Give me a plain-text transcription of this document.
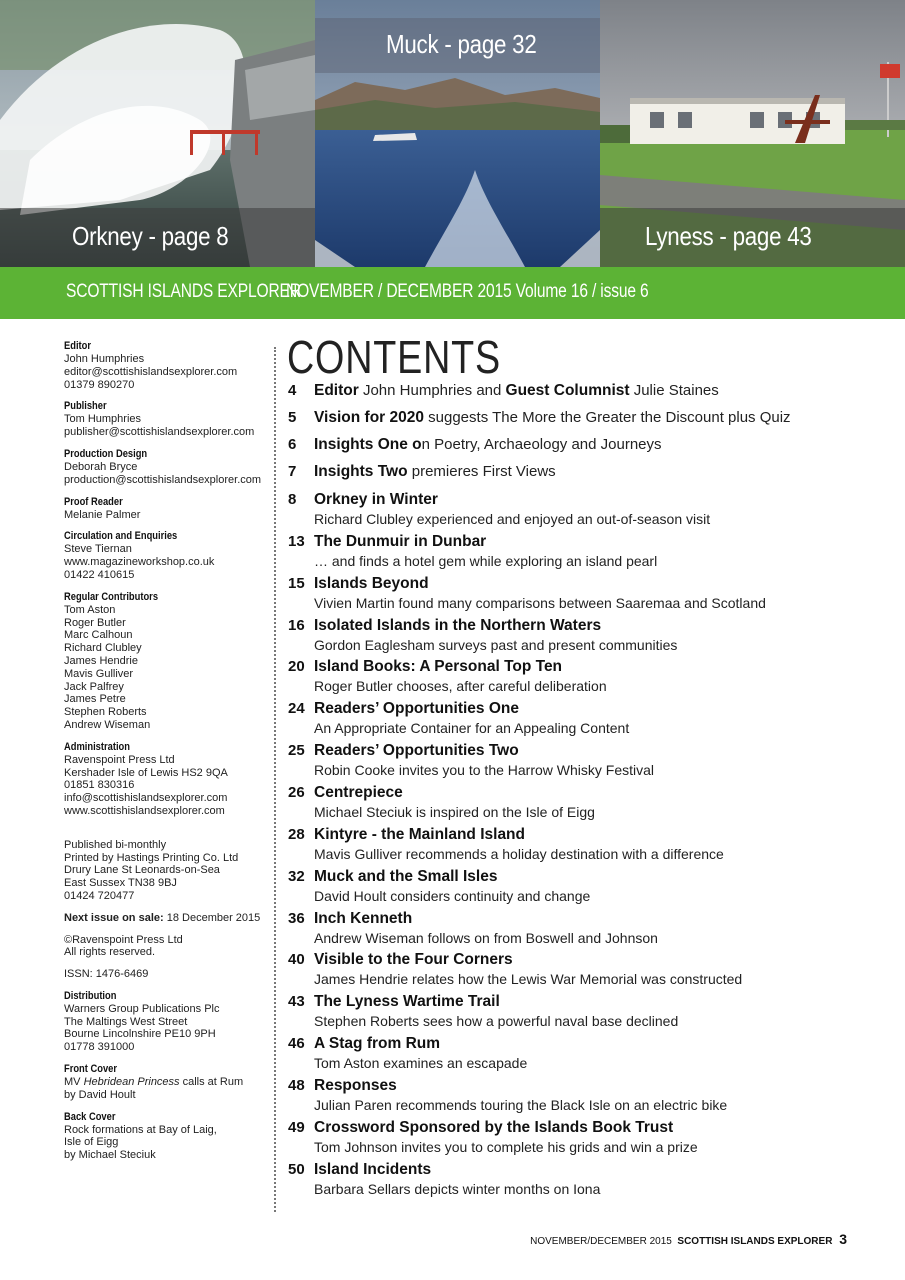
Orkney - page 8
Muck - page 32
Lyness - page 43
SCOTTISH ISLANDS EXPLORER
NOVEMBER / DECEMBER 2015 Volume 16 / issue 6
Editor
John Humphries
editor@scottishislandsexplorer.com
01379 890270
Publisher
Tom Humphries
publisher@scottishislandsexplorer.com
Production Design
Deborah Bryce
production@scottishislandsexplorer.com
Proof Reader
Melanie Palmer
Circulation and Enquiries
Steve Tiernan
www.magazineworkshop.co.uk
01422 410615
Regular Contributors
Tom Aston
Roger Butler
Marc Calhoun
Richard Clubley
James Hendrie
Mavis Gulliver
Jack Palfrey
James Petre
Stephen Roberts
Andrew Wiseman
Administration
Ravenspoint Press Ltd
Kershader Isle of Lewis HS2 9QA
01851 830316
info@scottishislandsexplorer.com
www.scottishislandsexplorer.com
Published bi-monthly
Printed by Hastings Printing Co. Ltd
Drury Lane St Leonards-on-Sea
East Sussex TN38 9BJ
01424 720477
Next issue on sale: 18 December 2015
©Ravenspoint Press Ltd
All rights reserved.
ISSN: 1476-6469
Distribution
Warners Group Publications Plc
The Maltings West Street
Bourne Lincolnshire PE10 9PH
01778 391000
Front Cover
MV Hebridean Princess calls at Rum
by David Hoult
Back Cover
Rock formations at Bay of Laig,
Isle of Eigg
by Michael Steciuk
CONTENTS
4 Editor John Humphries and Guest Columnist Julie Staines
5 Vision for 2020 suggests The More the Greater the Discount plus Quiz
6 Insights One on Poetry, Archaeology and Journeys
7 Insights Two premieres First Views
8 Orkney in Winter
Richard Clubley experienced and enjoyed an out-of-season visit
13 The Dunmuir in Dunbar
… and finds a hotel gem while exploring an island pearl
15 Islands Beyond
Vivien Martin found many comparisons between Saaremaa and Scotland
16 Isolated Islands in the Northern Waters
Gordon Eaglesham surveys past and present communities
20 Island Books: A Personal Top Ten
Roger Butler chooses, after careful deliberation
24 Readers’ Opportunities One
An Appropriate Container for an Appealing Content
25 Readers’ Opportunities Two
Robin Cooke invites you to the Harrow Whisky Festival
26 Centrepiece
Michael Steciuk is inspired on the Isle of Eigg
28 Kintyre - the Mainland Island
Mavis Gulliver recommends a holiday destination with a difference
32 Muck and the Small Isles
David Hoult considers continuity and change
36 Inch Kenneth
Andrew Wiseman follows on from Boswell and Johnson
40 Visible to the Four Corners
James Hendrie relates how the Lewis War Memorial was constructed
43 The Lyness Wartime Trail
Stephen Roberts sees how a powerful naval base declined
46 A Stag from Rum
Tom Aston examines an escapade
48 Responses
Julian Paren recommends touring the Black Isle on an electric bike
49 Crossword Sponsored by the Islands Book Trust
Tom Johnson invites you to complete his grids and win a prize
50 Island Incidents
Barbara Sellars depicts winter months on Iona
NOVEMBER/DECEMBER 2015 SCOTTISH ISLANDS EXPLORER 3
